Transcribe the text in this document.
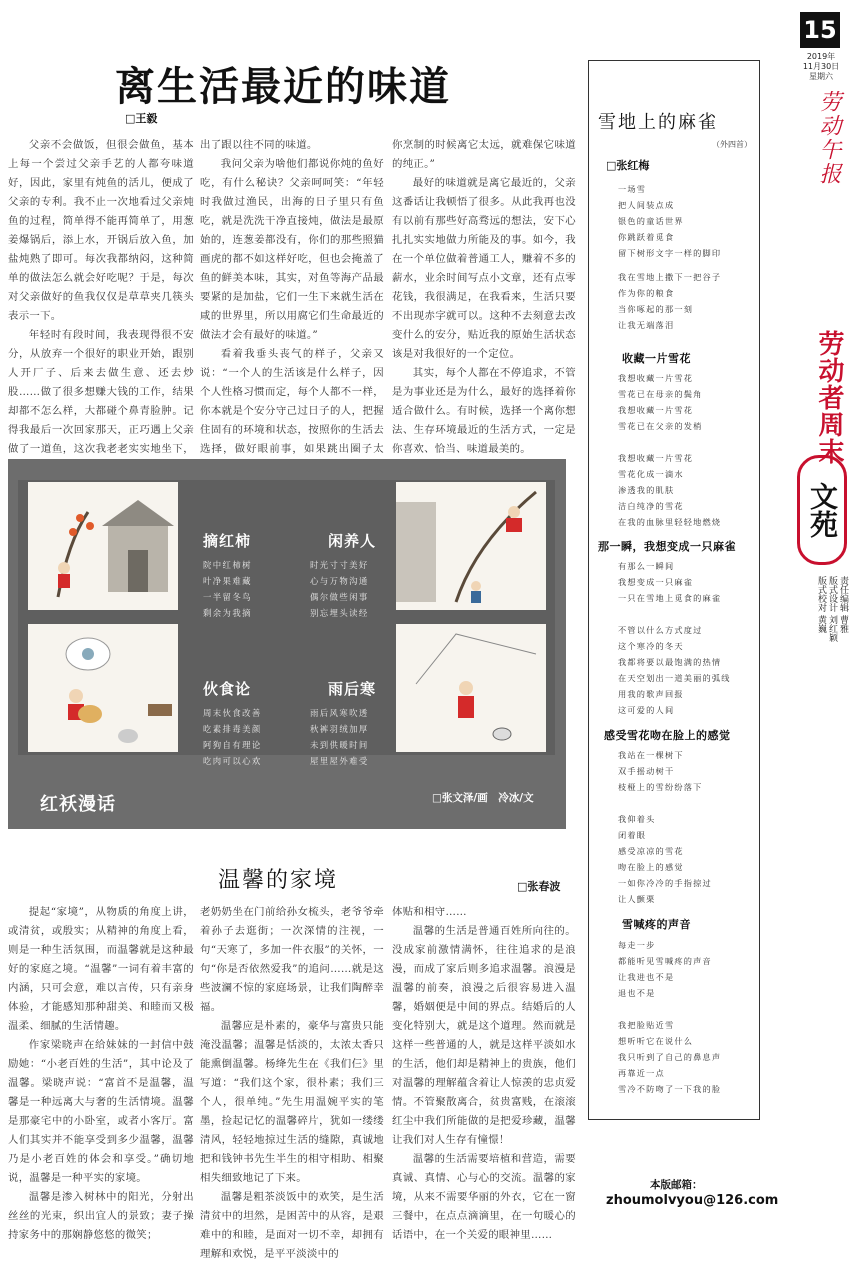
15
2019年
11月30日
星期六
劳动午报
劳动者周末
文苑
责任编辑 曹雅
版式设计 刘红颖
版式校对 黄巍
离生活最近的味道
□王毅

父亲不会做饭，但很会做鱼，基本上每一个尝过父亲手艺的人都夸味道好，因此，家里有炖鱼的活儿，便成了父亲的专利。我不止一次地看过父亲炖鱼的过程，简单得不能再简单了，用葱姜爆锅后，添上水，开锅后放入鱼，加盐炖熟了即可。每次我都纳闷，这种简单的做法怎么就会好吃呢？于是，每次对父亲做好的鱼我仅仅是草草夹几筷头表示一下。

年轻时有段时间，我表现得很不安分，从放弃一个很好的职业开始，跟别人开厂子、后来去做生意、还去炒股……做了很多想赚大钱的工作，结果却都不怎么样，大都碰个鼻青脸肿。记得我最后一次回家那天，正巧遇上父亲做了一道鱼，这次我老老实实地坐下，

出了跟以往不同的味道。

我问父亲为啥他们都说你炖的鱼好吃，有什么秘诀？父亲呵呵笑：“年轻时我做过渔民，出海的日子里只有鱼吃，就是洗洗干净直接炖，做法是最原始的，连葱姜都没有，你们的那些照猫画虎的都不如这样好吃，但也会掩盖了鱼的鲜美本味，其实，对鱼等海产品最要紧的是加盐，它们一生下来就生活在咸的世界里，所以用腐它们生命最近的做法才会有最好的味道。”

看着我垂头丧气的样子，父亲又说：“一个人的生活该是什么样子，因个人性格习惯而定，每个人都不一样，你本就是个安分守己过日子的人，把握住固有的环境和状态，按照你的生活去选择，做好眼前事，如果跳出圈子太

你烹制的时候离它太远，就难保它味道的纯正。”

最好的味道就是离它最近的，父亲这番话让我顿悟了很多。从此我再也没有以前有那些好高骛远的想法，安下心扎扎实实地做力所能及的事。如今，我在一个单位做着普通工人，赚着不多的薪水，业余时间写点小文章，还有点零花钱，我很满足，在我看来，生活只要不出现赤字就可以。这种不去刻意去改变什么的安分，贴近我的原始生活状态该是对我很好的一个定位。

其实，每个人都在不停追求，不管是为事业还是为什么，最好的选择着你适合做什么。有时候，选择一个离你想法、生存环境最近的生活方式，一定是你喜欢、恰当、味道最美的。

摘红柿
院中红柿树
叶净果难藏
一半留冬鸟
剩余为我摘
闲养人
时光寸寸美好
心与万物沟通
偶尔做些闲事
别忘埋头读经
伙食论
周末伙食改善
吃素排毒美颜
阿狗自有理论
吃肉可以心欢
雨后寒
雨后风寒吹透
秋裤羽绒加厚
未到供暖时间
屋里屋外难受
红袄漫话	□张文泽/画　冷冰/文
温馨的家境	□张春波

提起“家境”，从物质的角度上讲，或清贫，或殷实；从精神的角度上看，则是一种生活氛围，而温馨就是这种最好的家庭之境。“温馨”一词有着丰富的内涵，只可会意，难以言传，只有亲身体验，才能感知那种甜美、和睦而又极温柔、细腻的生活情趣。

作家梁晓声在给妹妹的一封信中鼓励她：“小老百姓的生活”，其中论及了温馨。梁晓声说：“富首不是温馨，温馨是一种远离大与奢的生活情境。温馨是那豪宅中的小卧室，或者小客厅。富人们其实并不能享受到多少温馨，温馨乃是小老百姓的体会和享受。”确切地说，温馨是一种平实的家境。

温馨是渗入树林中的阳光，分射出丝丝的光束，织出宜人的景致；妻子操持家务中的那娴静悠悠的微笑；

老奶奶坐在门前给孙女梳头，老爷爷牵着孙子去逛街；一次深情的注视，一句“天寒了，多加一件衣服”的关怀，一句“你是否依然爱我”的追问……就是这些波澜不惊的家庭场景，让我们陶醉幸福。

温馨应是朴素的，豪华与富贵只能淹没温馨；温馨是恬淡的，太浓太香只能熏倒温馨。杨绛先生在《我们仨》里写道：“我们这个家，很朴素；我们三个人，很单纯。”先生用温婉平实的笔墨，捡起记忆的温馨碎片，犹如一缕缕清风，轻轻地掠过生活的缝隙，真诚地把和钱钟书先生半生的相守相助、相聚相失细致地记了下来。

温馨是粗茶淡饭中的欢笑，是生活清贫中的坦然，是困苦中的从容，是艰难中的和睦，是面对一切不幸，却拥有理解和欢悦，是平平淡淡中的

体贴和相守……

温馨的生活是普通百姓所向往的。没成家前激情满怀，往往追求的是浪漫，而成了家后则多追求温馨。浪漫是温馨的前奏，浪漫之后很容易进入温馨，婚姻便是中间的界点。结婚后的人变化特别大，就是这个道理。然而就是这样一些普通的人，就是这样平淡如水的生活，他们却是精神上的贵族，他们对温馨的理解蕴含着让人惊羡的忠贞爱情。不管聚散离合，贫贵富贱，在滚滚红尘中我们所能做的是把爱珍藏，温馨让我们对人生存有憧憬！

温馨的生活需要培植和营造，需要真诚、真情、心与心的交流。温馨的家境，从来不需要华丽的外衣，它在一窗三餐中，在点点滴滴里，在一句暖心的话语中，在一个关爱的眼神里……

雪地上的麻雀
（外四首）
□张红梅
一场雪
把人间装点成
银色的童话世界
你跳跃着觅食
留下树形文字一样的脚印
我在雪地上撒下一把谷子
作为你的粮食
当你啄起的那一刻
让我无端落泪
收藏一片雪花
我想收藏一片雪花
雪花已在母亲的鬓角
我想收藏一片雪花
雪花已在父亲的发梢
我想收藏一片雪花
雪花化成一滴水
渗透我的肌肤
洁白纯净的雪花
在我的血脉里轻轻地燃烧
那一瞬，我想变成一只麻雀
有那么一瞬间
我想变成一只麻雀
一只在雪地上觅食的麻雀
不管以什么方式度过
这个寒冷的冬天
我都将要以最饱满的热情
在天空划出一道美丽的弧线
用我的歌声回报
这可爱的人间
感受雪花吻在脸上的感觉
我站在一棵树下
双手摇动树干
枝桠上的雪纷纷落下
我仰着头
闭着眼
感受凉凉的雪花
吻在脸上的感觉
一如你冷冷的手指掠过
让人颤栗
雪喊疼的声音
每走一步
都能听见雪喊疼的声音
让我进也不是
退也不是
我把脸贴近雪
想听听它在说什么
我只听到了自己的鼻息声
再靠近一点
雪冷不防吻了一下我的脸
本版邮箱：
zhoumolvyou@126.com
